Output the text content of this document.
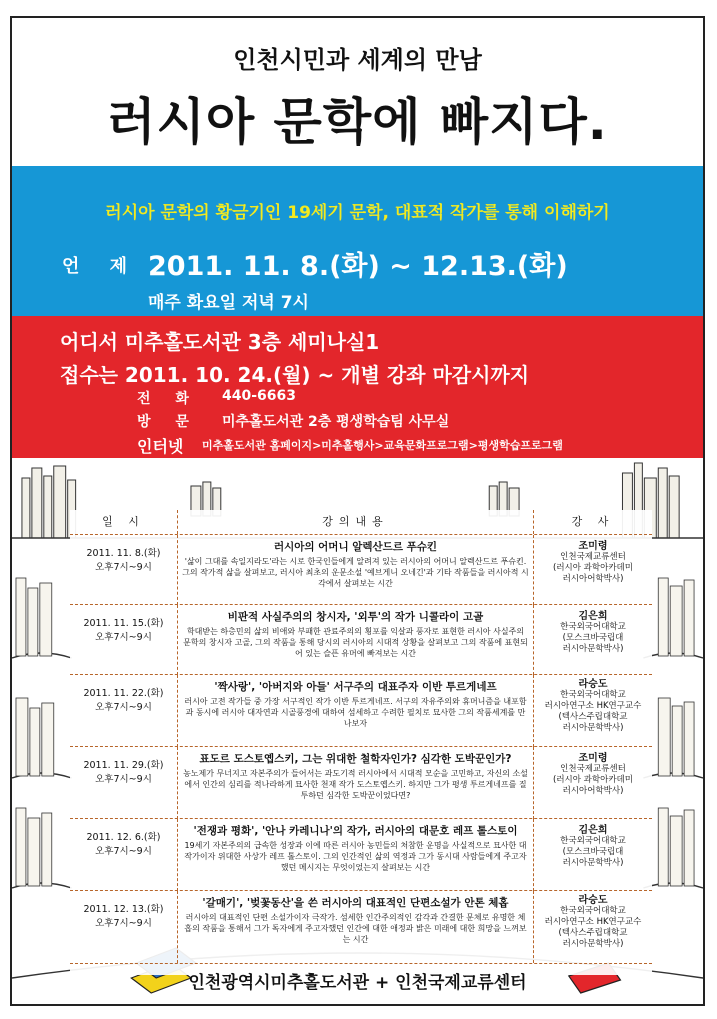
인천시민과 세계의 만남
러시아 문학에 빠지다.
러시아 문학의 황금기인 19세기 문학, 대표적 작가를 통해 이해하기
언 제 2011. 11. 8.(화) ~ 12.13.(화)
매주 화요일 저녁 7시
어디서 미추홀도서관 3층 세미나실1
접수는 2011. 10. 24.(월) ~ 개별 강좌 마감시까지
전 화 440-6663
방 문 미추홀도서관 2층 평생학습팀 사무실
인터넷 미추홀도서관 홈페이지>미추홀행사>교육문화프로그램>평생학습프로그램
일 시	강의내용	강 사
2011. 11. 8.(화)
오후7시~9시
러시아의 어머니 알렉산드르 푸슈킨
'삶이 그대를 속일지라도'라는 시로 한국인들에게 알려져 있는 러시아의 어머니 알렉산드르 푸슈킨. 그의 작가적 삶을 살펴보고, 러시아 최초의 운문소설 '예브게니 오네긴'과 기타 작품들을 러시아적 시각에서 살펴보는 시간
조미령
인천국제교류센터
(러시아 과학아카데미
러시아어학박사)
2011. 11. 15.(화)
오후7시~9시
비판적 사실주의의 창시자, '외투'의 작가 니콜라이 고골
학대받는 하층민의 삶의 비애와 부패한 관료주의의 횡포를 익살과 풍자로 표현한 러시아 사실주의 문학의 창시자 고골, 그의 작품을 통해 당시의 러시아의 시대적 상황을 살펴보고 그의 작품에 표현되어 있는 슬픈 유머에 빠져보는 시간
김은희
한국외국어대학교
(모스크바국립대
러시아문학박사)
2011. 11. 22.(화)
오후7시~9시
'짝사랑', '아버지와 아들' 서구주의 대표주자 이반 투르게네프
러시아 고전 작가들 중 가장 서구적인 작가 이반 투르게네프. 서구의 자유주의와 휴머니즘을 내포함과 동시에 러시아 대자연과 시골풍경에 대하여 섬세하고 수려한 필치로 묘사한 그의 작품세계를 만나보자
라승도
한국외국어대학교
러시아연구소 HK연구교수
(텍사스주립대학교
러시아문학박사)
2011. 11. 29.(화)
오후7시~9시
표도르 도스토옙스키, 그는 위대한 철학자인가? 심각한 도박꾼인가?
농노제가 무너지고 자본주의가 들어서는 과도기적 러시아에서 시대적 모순을 고민하고, 자신의 소설에서 인간의 심리를 적나라하게 묘사한 천재 작가 도스토옙스키. 하지만 그가 평생 투르게네프를 질투하던 심각한 도박꾼이었다면?
조미령
인천국제교류센터
(러시아 과학아카데미
러시아어학박사)
2011. 12. 6.(화)
오후7시~9시
'전쟁과 평화', '안나 카레니나'의 작가, 러시아의 대문호 레프 톨스토이
19세기 자본주의의 급속한 성장과 이에 따른 러시아 농민들의 처참한 운명을 사실적으로 묘사한 대작가이자 위대한 사상가 레프 톨스토이. 그의 인간적인 삶의 역정과 그가 동시대 사람들에게 주고자했던 메시지는 무엇이었는지 살펴보는 시간
김은희
한국외국어대학교
(모스크바국립대
러시아문학박사)
2011. 12. 13.(화)
오후7시~9시
'갈매기', '벚꽃동산'을 쓴 러시아의 대표적인 단편소설가 안톤 체홉
러시아의 대표적인 단편 소설가이자 극작가. 섬세한 인간주의적인 감각과 간결한 문체로 유명한 체홉의 작품을 통해서 그가 독자에게 주고자했던 인간에 대한 애정과 밝은 미래에 대한 희망을 느껴보는 시간
라승도
한국외국어대학교
러시아연구소 HK연구교수
(텍사스주립대학교
러시아문학박사)
인천광역시미추홀도서관 + 인천국제교류센터
